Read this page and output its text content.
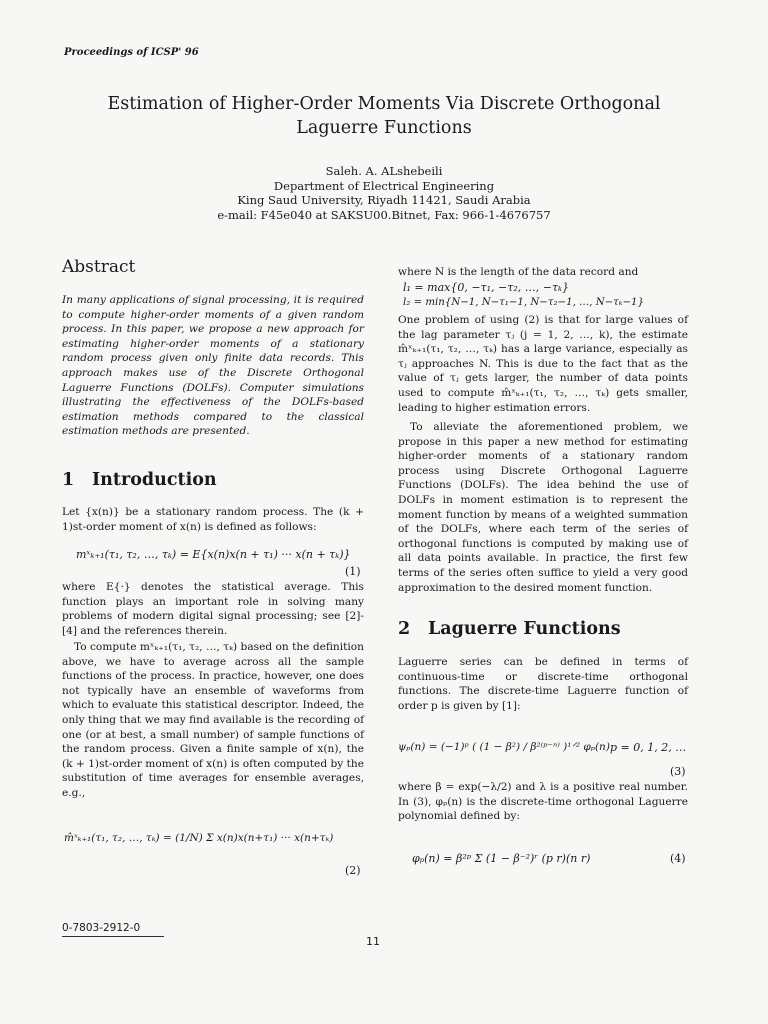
Proceedings of ICSP' 96
Estimation of Higher-Order Moments Via Discrete Orthogonal
Laguerre Functions
Saleh. A. ALshebeili
Department of Electrical Engineering
King Saud University, Riyadh 11421, Saudi Arabia
e-mail: F45e040 at SAKSU00.Bitnet, Fax: 966-1-4676757
Abstract
In many applications of signal processing, it is required to compute higher-order moments of a given random process. In this paper, we propose a new approach for estimating higher-order moments of a stationary random process given only finite data records. This approach makes use of the Discrete Orthogonal Laguerre Functions (DOLFs). Computer simulations illustrating the effectiveness of the DOLFs-based estimation methods compared to the classical estimation methods are presented.
1 Introduction
Let {x(n)} be a stationary random process. The (k + 1)st-order moment of x(n) is defined as follows:
mˣₖ₊₁(τ₁, τ₂, …, τₖ) = E{x(n)x(n + τ₁) ··· x(n + τₖ)}
(1)
where E{·} denotes the statistical average. This function plays an important role in solving many problems of modern digital signal processing; see [2]-[4] and the references therein.
To compute mˣₖ₊₁(τ₁, τ₂, …, τₖ) based on the definition above, we have to average across all the sample functions of the process. In practice, however, one does not typically have an ensemble of waveforms from which to evaluate this statistical descriptor. Indeed, the only thing that we may find available is the recording of one (or at best, a small number) of sample functions of the random process. Given a finite sample of x(n), the (k + 1)st-order moment of x(n) is often computed by the substitution of time averages for ensemble averages, e.g.,
m̂ˣₖ₊₁(τ₁, τ₂, …, τₖ) = (1/N) Σ x(n)x(n+τ₁) ··· x(n+τₖ)
(2)
where N is the length of the data record and
l₁ = max{0, −τ₁, −τ₂, …, −τₖ}
l₂ = min{N−1, N−τ₁−1, N−τ₂−1, …, N−τₖ−1}
One problem of using (2) is that for large values of the lag parameter τⱼ (j = 1, 2, …, k), the estimate m̂ˣₖ₊₁(τ₁, τ₂, …, τₖ) has a large variance, especially as τⱼ approaches N. This is due to the fact that as the value of τⱼ gets larger, the number of data points used to compute m̂ˣₖ₊₁(τ₁, τ₂, …, τₖ) gets smaller, leading to higher estimation errors.
To alleviate the aforementioned problem, we propose in this paper a new method for estimating higher-order moments of a stationary random process using Discrete Orthogonal Laguerre Functions (DOLFs). The idea behind the use of DOLFs in moment estimation is to represent the moment function by means of a weighted summation of the DOLFs, where each term of the series of orthogonal functions is computed by making use of all data points available. In practice, the first few terms of the series often suffice to yield a very good approximation to the desired moment function.
2 Laguerre Functions
Laguerre series can be defined in terms of continuous-time or discrete-time orthogonal functions. The discrete-time Laguerre function of order p is given by [1]:
ψₚ(n) = (−1)ᵖ ( (1 − β²) / β²⁽ᵖ⁻ⁿ⁾ )¹ᐟ² φₚ(n) p = 0, 1, 2, …
(3)
where β = exp(−λ/2) and λ is a positive real number. In (3), φₚ(n) is the discrete-time orthogonal Laguerre polynomial defined by:
φₚ(n) = β²ᵖ Σ (1 − β⁻²)ʳ (p r)(n r)	(4)
0-7803-2912-0
11
